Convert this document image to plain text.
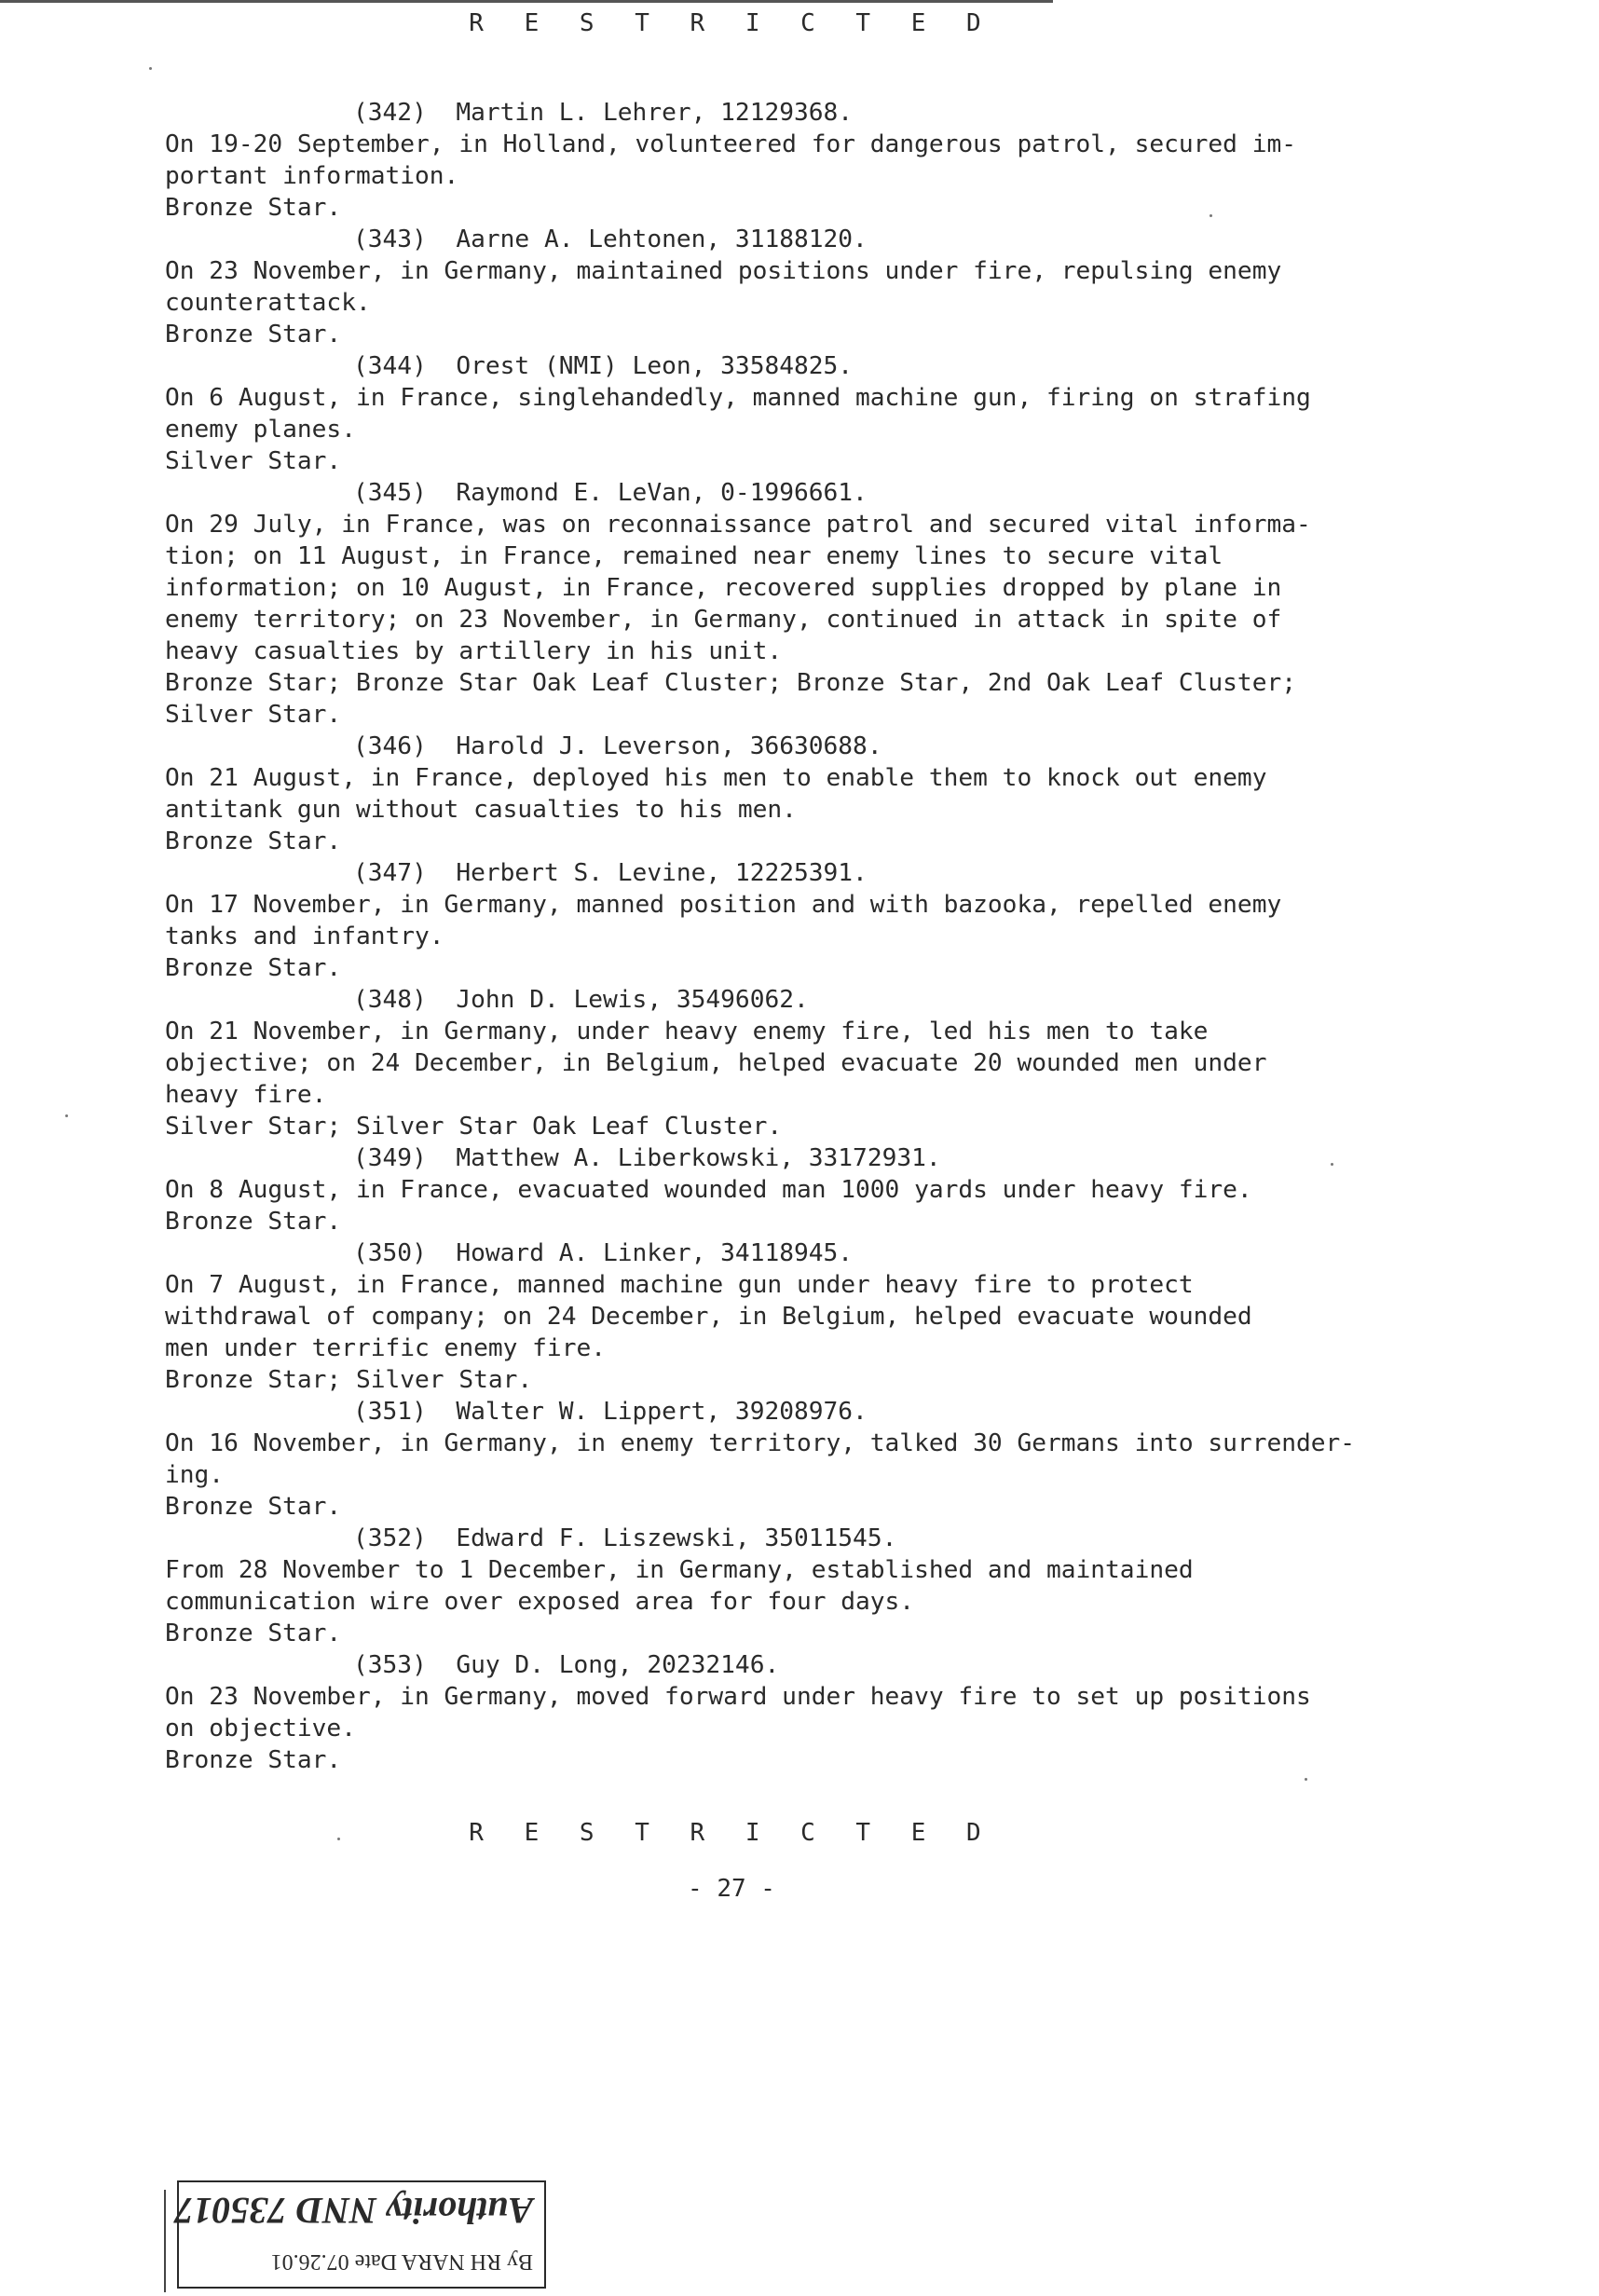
R E S T R I C T E D
(342)  Martin L. Lehrer, 12129368.
On 19-20 September, in Holland, volunteered for dangerous patrol, secured im-
portant information.
Bronze Star.
(343)  Aarne A. Lehtonen, 31188120.
On 23 November, in Germany, maintained positions under fire, repulsing enemy
counterattack.
Bronze Star.
(344)  Orest (NMI) Leon, 33584825.
On 6 August, in France, singlehandedly, manned machine gun, firing on strafing
enemy planes.
Silver Star.
(345)  Raymond E. LeVan, 0-1996661.
On 29 July, in France, was on reconnaissance patrol and secured vital informa-
tion; on 11 August, in France, remained near enemy lines to secure vital
information; on 10 August, in France, recovered supplies dropped by plane in
enemy territory; on 23 November, in Germany, continued in attack in spite of
heavy casualties by artillery in his unit.
Bronze Star; Bronze Star Oak Leaf Cluster; Bronze Star, 2nd Oak Leaf Cluster;
Silver Star.
(346)  Harold J. Leverson, 36630688.
On 21 August, in France, deployed his men to enable them to knock out enemy
antitank gun without casualties to his men.
Bronze Star.
(347)  Herbert S. Levine, 12225391.
On 17 November, in Germany, manned position and with bazooka, repelled enemy
tanks and infantry.
Bronze Star.
(348)  John D. Lewis, 35496062.
On 21 November, in Germany, under heavy enemy fire, led his men to take
objective; on 24 December, in Belgium, helped evacuate 20 wounded men under
heavy fire.
Silver Star; Silver Star Oak Leaf Cluster.
(349)  Matthew A. Liberkowski, 33172931.
On 8 August, in France, evacuated wounded man 1000 yards under heavy fire.
Bronze Star.
(350)  Howard A. Linker, 34118945.
On 7 August, in France, manned machine gun under heavy fire to protect
withdrawal of company; on 24 December, in Belgium, helped evacuate wounded
men under terrific enemy fire.
Bronze Star; Silver Star.
(351)  Walter W. Lippert, 39208976.
On 16 November, in Germany, in enemy territory, talked 30 Germans into surrender-
ing.
Bronze Star.
(352)  Edward F. Liszewski, 35011545.
From 28 November to 1 December, in Germany, established and maintained
communication wire over exposed area for four days.
Bronze Star.
(353)  Guy D. Long, 20232146.
On 23 November, in Germany, moved forward under heavy fire to set up positions
on objective.
Bronze Star.
R E S T R I C T E D
- 27 -
By RH NARA Date 07.26.01
Authority NND 735017
